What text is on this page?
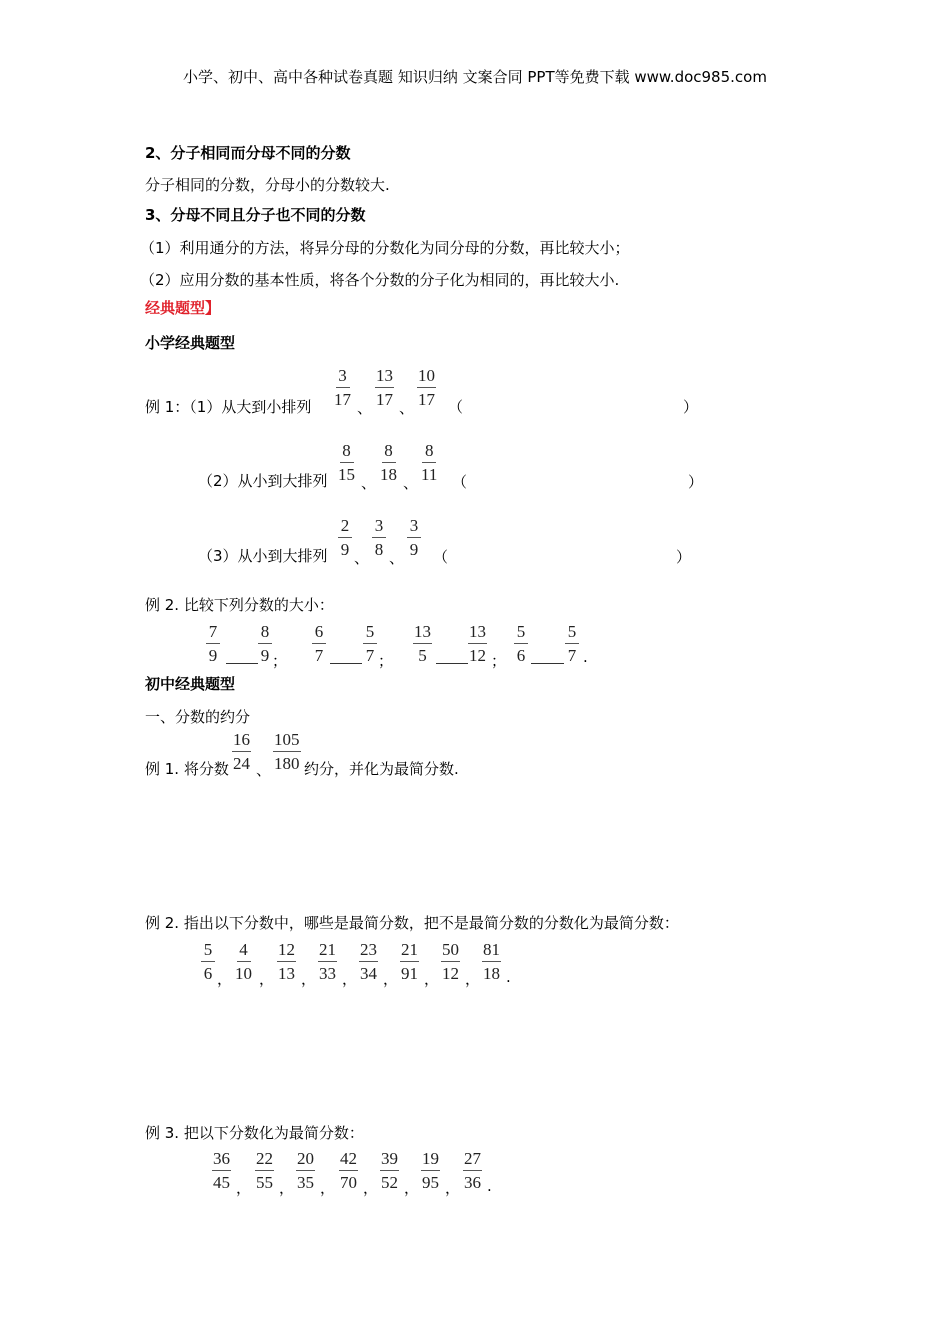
小学、初中、高中各种试卷真题 知识归纳 文案合同 PPT等免费下载 www.doc985.com
2、分子相同而分母不同的分数
分子相同的分数，分母小的分数较大.
3、分母不同且分子也不同的分数
（1）利用通分的方法，将异分母的分数化为同分母的分数，再比较大小；
（2）应用分数的基本性质，将各个分数的分子化为相同的，再比较大小.
经典题型】
小学经典题型
例 1：（1）从大到小排列 $\frac{3}{17}$ 、 $\frac{13}{17}$ 、 $\frac{10}{17}$ （	）
（2）从小到大排列 $\frac{8}{15}$ 、 $\frac{8}{18}$ 、 $\frac{8}{11}$ （	）
（3）从小到大排列 $\frac{2}{9}$ 、 $\frac{3}{8}$ 、 $\frac{3}{9}$ （	）
例 2. 比较下列分数的大小：
$\frac{7}{9} \frac{8}{9}$ ； $\frac{6}{7} \frac{5}{7}$ ； $\frac{13}{5} \frac{13}{12}$ ； $\frac{5}{6} \frac{5}{7}$ .
初中经典题型
一、分数的约分
例 1. 将分数 $\frac{16}{24}$ 、 $\frac{105}{180}$ 约分，并化为最简分数.
例 2. 指出以下分数中，哪些是最简分数，把不是最简分数的分数化为最简分数：
$\frac{5}{6}$ ， $\frac{4}{10}$ ， $\frac{12}{13}$ ， $\frac{21}{33}$ ， $\frac{23}{34}$ ， $\frac{21}{91}$ ， $\frac{50}{12}$ ， $\frac{81}{18}$ .
例 3. 把以下分数化为最简分数：
$\frac{36}{45}$ ， $\frac{22}{55}$ ， $\frac{20}{35}$ ， $\frac{42}{70}$ ， $\frac{39}{52}$ ， $\frac{19}{95}$ ， $\frac{27}{36}$ .
